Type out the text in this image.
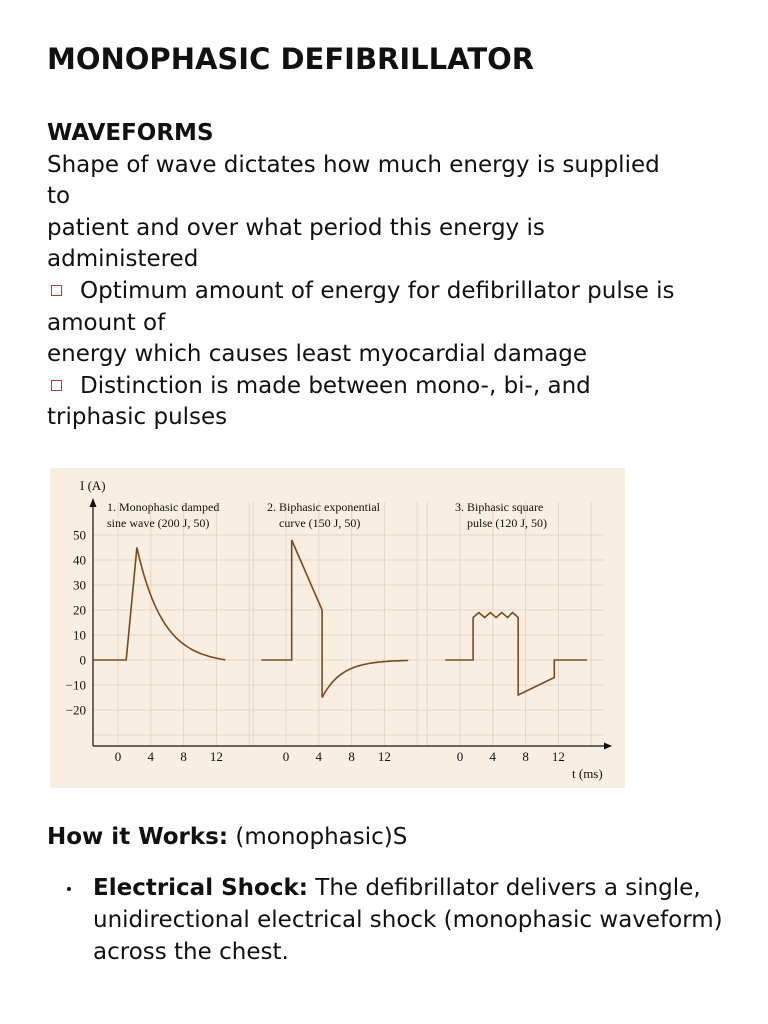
MONOPHASIC DEFIBRILLATOR
WAVEFORMS
Shape of wave dictates how much energy is supplied
to
patient and over what period this energy is
administered
Optimum amount of energy for defibrillator pulse is
amount of
energy which causes least myocardial damage
Distinction is made between mono-, bi-, and
triphasic pulses
I (A)
t (ms)
50
40
30
20
10
0
−10
−20
0 4 8 12	0 4 8 12	0 4 8 12
1. Monophasic damped
sine wave (200 J, 50)
2. Biphasic exponential
curve (150 J, 50)
3. Biphasic square
pulse (120 J, 50)
How it Works: (monophasic)S
Electrical Shock: The defibrillator delivers a single, unidirectional electrical shock (monophasic waveform) across the chest.
